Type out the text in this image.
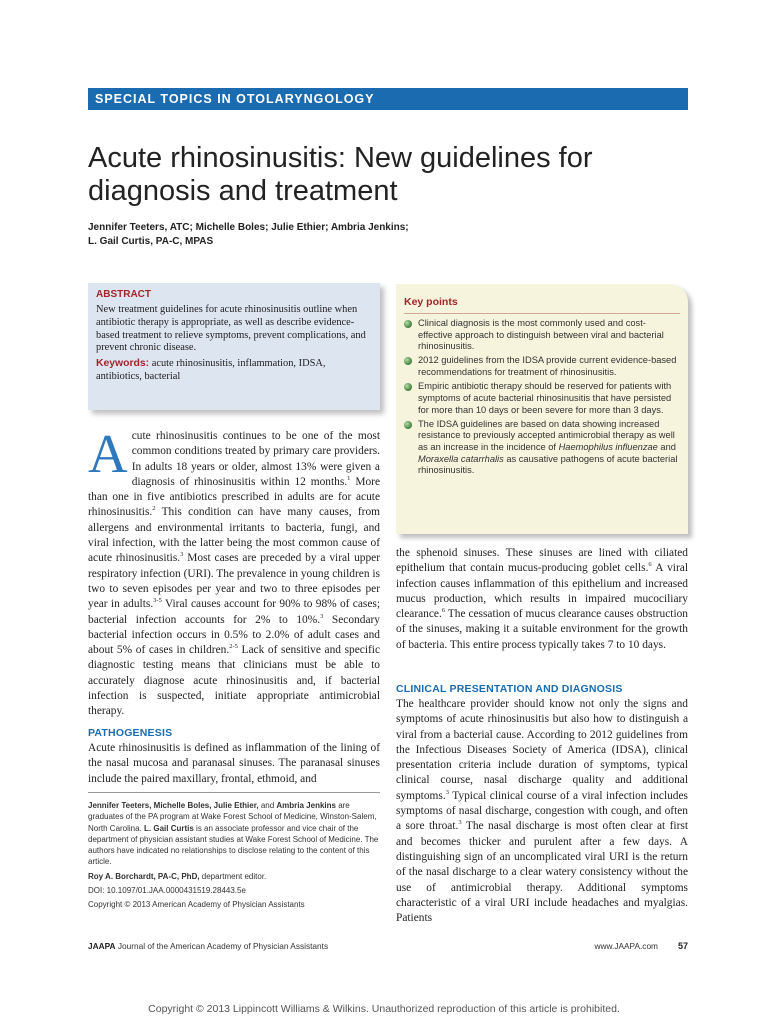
SPECIAL TOPICS IN OTOLARYNGOLOGY
Acute rhinosinusitis: New guidelines for
diagnosis and treatment
Jennifer Teeters, ATC; Michelle Boles; Julie Ethier; Ambria Jenkins;
L. Gail Curtis, PA-C, MPAS
ABSTRACT

New treatment guidelines for acute rhinosinusitis outline when antibiotic therapy is appropriate, as well as describe evidence-based treatment to relieve symptoms, prevent complications, and prevent chronic disease.

Keywords: acute rhinosinusitis, inflammation, IDSA, antibiotics, bacterial

Key points
Clinical diagnosis is the most commonly used and cost-effective approach to distinguish between viral and bacterial rhinosinusitis.
2012 guidelines from the IDSA provide current evidence-based recommendations for treatment of rhinosinusitis.
Empiric antibiotic therapy should be reserved for patients with symptoms of acute bacterial rhinosinusitis that have persisted for more than 10 days or been severe for more than 3 days.
The IDSA guidelines are based on data showing increased resistance to previously accepted antimicrobial therapy as well as an increase in the incidence of Haemophilus influenzae and Moraxella catarrhalis as causative pathogens of acute bacterial rhinosinusitis.

Acute rhinosinusitis continues to be one of the most common conditions treated by primary care providers. In adults 18 years or older, almost 13% were given a diagnosis of rhinosinusitis within 12 months.$^1$ More than one in five antibiotics prescribed in adults are for acute rhinosinusitis.$^2$ This condition can have many causes, from allergens and environmental irritants to bacteria, fungi, and viral infection, with the latter being the most common cause of acute rhinosinusitis.$^3$ Most cases are preceded by a viral upper respiratory infection (URI). The prevalence in young children is two to seven episodes per year and two to three episodes per year in adults.$^{3-5}$ Viral causes account for 90% to 98% of cases; bacterial infection accounts for 2% to 10%.$^3$ Secondary bacterial infection occurs in 0.5% to 2.0% of adult cases and about 5% of cases in children.$^{2-5}$ Lack of sensitive and specific diagnostic testing means that clinicians must be able to accurately diagnose acute rhinosinusitis and, if bacterial infection is suspected, initiate appropriate antimicrobial therapy.

PATHOGENESIS

Acute rhinosinusitis is defined as inflammation of the lining of the nasal mucosa and paranasal sinuses. The paranasal sinuses include the paired maxillary, frontal, ethmoid, and

Jennifer Teeters, Michelle Boles, Julie Ethier, and Ambria Jenkins are graduates of the PA program at Wake Forest School of Medicine, Winston-Salem, North Carolina. L. Gail Curtis is an associate professor and vice chair of the department of physician assistant studies at Wake Forest School of Medicine. The authors have indicated no relationships to disclose relating to the content of this article.

Roy A. Borchardt, PA-C, PhD, department editor.

DOI: 10.1097/01.JAA.0000431519.28443.5e

Copyright © 2013 American Academy of Physician Assistants

the sphenoid sinuses. These sinuses are lined with ciliated epithelium that contain mucus-producing goblet cells.$^6$ A viral infection causes inflammation of this epithelium and increased mucus production, which results in impaired mucociliary clearance.$^6$ The cessation of mucus clearance causes obstruction of the sinuses, making it a suitable environment for the growth of bacteria. This entire process typically takes 7 to 10 days.

CLINICAL PRESENTATION AND DIAGNOSIS

The healthcare provider should know not only the signs and symptoms of acute rhinosinusitis but also how to distinguish a viral from a bacterial cause. According to 2012 guidelines from the Infectious Diseases Society of America (IDSA), clinical presentation criteria include duration of symptoms, typical clinical course, nasal discharge quality and additional symptoms.$^3$ Typical clinical course of a viral infection includes symptoms of nasal discharge, congestion with cough, and often a sore throat.$^3$ The nasal discharge is most often clear at first and becomes thicker and purulent after a few days. A distinguishing sign of an uncomplicated viral URI is the return of the nasal discharge to a clear watery consistency without the use of antimicrobial therapy. Additional symptoms characteristic of a viral URI include headaches and myalgias. Patients

JAAPA Journal of the American Academy of Physician Assistants	www.JAAPA.com 57
Copyright © 2013 Lippincott Williams & Wilkins. Unauthorized reproduction of this article is prohibited.
